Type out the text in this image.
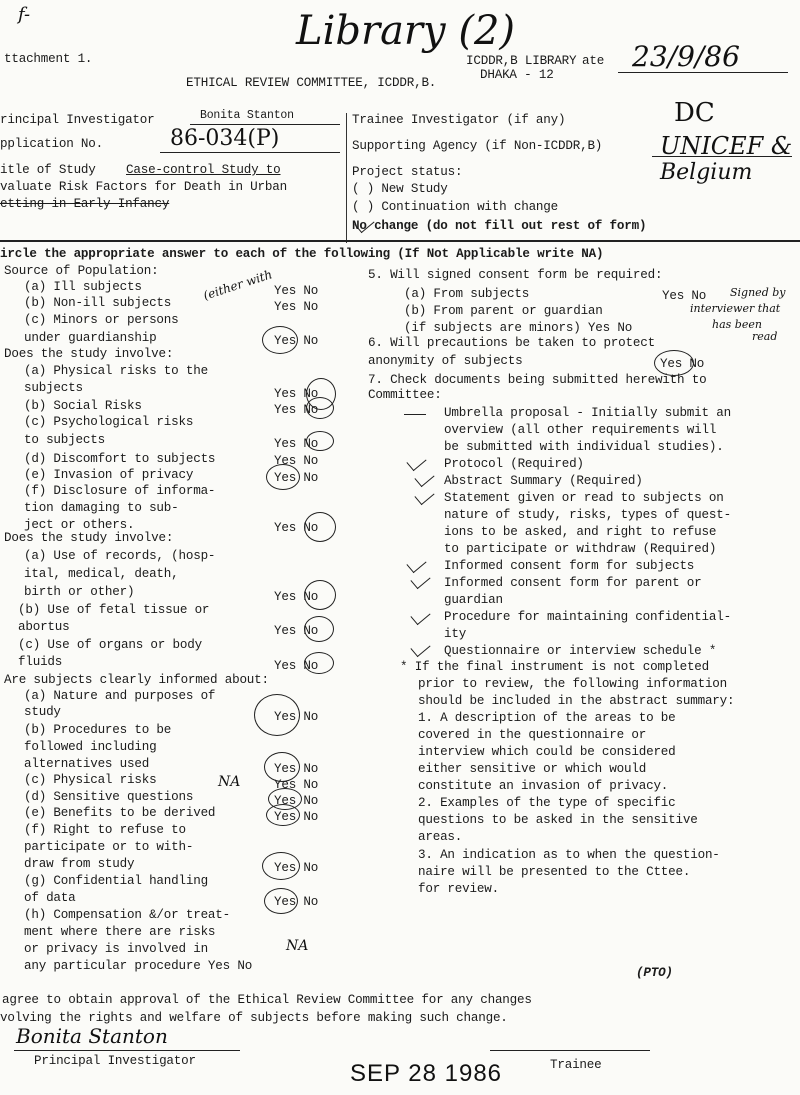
f-
ttachment 1.
Library (2)
ICDDR,B LIBRARY ate 23/9/86
ETHICAL REVIEW COMMITTEE, ICDDR,B.
DHAKA - 12
rincipal Investigator	Bonita Stanton
pplication No.	86-034(P)
itle of Study Case-control Study to
valuate Risk Factors for Death in Urban
etting in Early Infancy
Trainee Investigator (if any)	DC
Supporting Agency (if Non-ICDDR,B) UNICEF &
Belgium
Project status:
( ) New Study
( ) Continuation with change
No change (do not fill out rest of form)
ircle the appropriate answer to each of the following (If Not Applicable write NA)
Source of Population:
(a) Ill subjects	Yes No
(b) Non-ill subjects	Yes No
(c) Minors or persons
under guardianship	Yes No
Does the study involve:
(a) Physical risks to the
subjects	Yes No
(b) Social Risks	Yes No
(c) Psychological risks
to subjects	Yes No
(d) Discomfort to subjects	Yes No
(e) Invasion of privacy	Yes No
(f) Disclosure of informa-
tion damaging to sub-
ject or others.	Yes No
Does the study involve:
(a) Use of records, (hosp-
ital, medical, death,
birth or other)	Yes No
(b) Use of fetal tissue or
abortus	Yes No
(c) Use of organs or body
fluids	Yes No
Are subjects clearly informed about:
(a) Nature and purposes of
study	Yes No
(b) Procedures to be
followed including
alternatives used	Yes No
(c) Physical risks	Yes No
(d) Sensitive questions	Yes No
(e) Benefits to be derived	Yes No
(f) Right to refuse to
participate or to with-
draw from study	Yes No
(g) Confidential handling
of data	Yes No
(h) Compensation &/or treat-
ment where there are risks
or privacy is involved in
any particular procedure Yes No
5. Will signed consent form be required:
(a) From subjects	Yes No
(b) From parent or guardian
(if subjects are minors) Yes No
6. Will precautions be taken to protect
anonymity of subjects	Yes No
7. Check documents being submitted herewith to
Committee:
Umbrella proposal - Initially submit an
overview (all other requirements will
be submitted with individual studies).
Protocol (Required)
Abstract Summary (Required)
Statement given or read to subjects on
nature of study, risks, types of quest-
ions to be asked, and right to refuse
to participate or withdraw (Required)
Informed consent form for subjects
Informed consent form for parent or
guardian
Procedure for maintaining confidential-
ity
Questionnaire or interview schedule *
* If the final instrument is not completed
prior to review, the following information
should be included in the abstract summary:
1. A description of the areas to be
covered in the questionnaire or
interview which could be considered
either sensitive or which would
constitute an invasion of privacy.
2. Examples of the type of specific
questions to be asked in the sensitive
areas.
3. An indication as to when the question-
naire will be presented to the Cttee.
for review.
(either with	Signed by
interviewer that
has been
read
NA
NA
(PTO)
agree to obtain approval of the Ethical Review Committee for any changes
volving the rights and welfare of subjects before making such change.
Bonita Stanton
Principal Investigator	SEP 28 1986	Trainee
